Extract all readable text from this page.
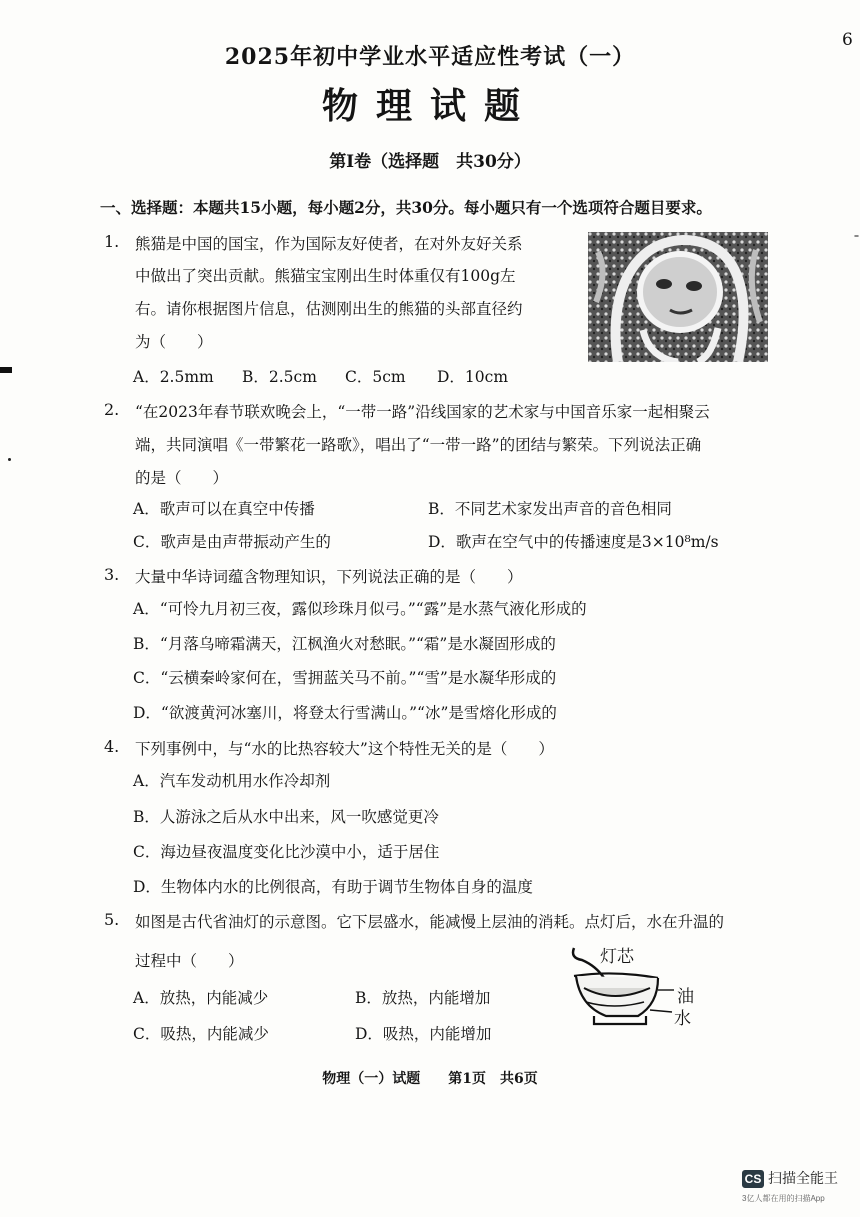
6
2025年初中学业水平适应性考试（一）
物理试题
第Ⅰ卷（选择题　共30分）
一、选择题：本题共15小题，每小题2分，共30分。每小题只有一个选项符合题目要求。
ˉ
1. 熊猫是中国的国宝，作为国际友好使者，在对外友好关系
中做出了突出贡献。熊猫宝宝刚出生时体重仅有100g左
右。请你根据图片信息，估测刚出生的熊猫的头部直径约
为（　　）
A．2.5mm B．2.5cm C．5cm D．10cm
2. “在2023年春节联欢晚会上，“一带一路”沿线国家的艺术家与中国音乐家一起相聚云
端，共同演唱《一带繁花一路歌》，唱出了“一带一路”的团结与繁荣。下列说法正确
的是（　　）
A．歌声可以在真空中传播	B．不同艺术家发出声音的音色相同
C．歌声是由声带振动产生的	D．歌声在空气中的传播速度是3×10⁸m/s
3. 大量中华诗词蕴含物理知识，下列说法正确的是（　　）
A．“可怜九月初三夜，露似珍珠月似弓。”“露”是水蒸气液化形成的
B．“月落乌啼霜满天，江枫渔火对愁眠。”“霜”是水凝固形成的
C．“云横秦岭家何在，雪拥蓝关马不前。”“雪”是水凝华形成的
D．“欲渡黄河冰塞川，将登太行雪满山。”“冰”是雪熔化形成的
4. 下列事例中，与“水的比热容较大”这个特性无关的是（　　）
A．汽车发动机用水作冷却剂
B．人游泳之后从水中出来，风一吹感觉更冷
C．海边昼夜温度变化比沙漠中小，适于居住
D．生物体内水的比例很高，有助于调节生物体自身的温度
5. 如图是古代省油灯的示意图。它下层盛水，能减慢上层油的消耗。点灯后，水在升温的
过程中（　　）
A．放热，内能减少	B．放热，内能增加
C．吸热，内能减少	D．吸热，内能增加
灯芯
油
水
物理（一）试题　　第1页　共6页
CS 扫描全能王
3亿人都在用的扫描App
